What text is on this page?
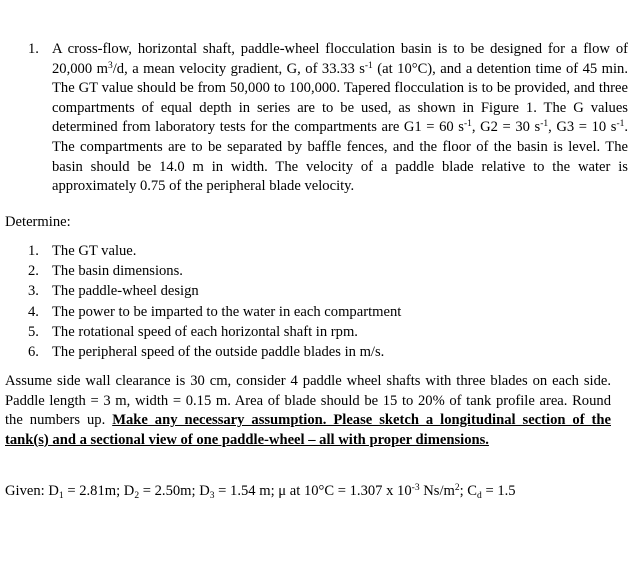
1. A cross-flow, horizontal shaft, paddle-wheel flocculation basin is to be designed for a flow of 20,000 $m^3/d$, a mean velocity gradient, G, of 33.33 $s^{-1}$ (at 10°C), and a detention time of 45 min. The GT value should be from 50,000 to 100,000. Tapered flocculation is to be provided, and three compartments of equal depth in series are to be used, as shown in Figure 1. The G values determined from laboratory tests for the compartments are G1 = 60 $s^{-1}$, G2 = 30 $s^{-1}$, G3 = 10 $s^{-1}$. The compartments are to be separated by baffle fences, and the floor of the basin is level. The basin should be 14.0 m in width. The velocity of a paddle blade relative to the water is approximately 0.75 of the peripheral blade velocity.
Determine:
1. The GT value.
2. The basin dimensions.
3. The paddle-wheel design
4. The power to be imparted to the water in each compartment
5. The rotational speed of each horizontal shaft in rpm.
6. The peripheral speed of the outside paddle blades in m/s.
Assume side wall clearance is 30 cm, consider 4 paddle wheel shafts with three blades on each side. Paddle length = 3 m, width = 0.15 m. Area of blade should be 15 to 20% of tank profile area. Round the numbers up. Make any necessary assumption. Please sketch a longitudinal section of the tank(s) and a sectional view of one paddle-wheel – all with proper dimensions.
Given: $D_1 = 2.81m$; $D_2 = 2.50m$; $D_3 = 1.54$ m; μ at 10°C = 1.307 x $10^{-3}$ $Ns/m^2$; $C_d = 1.5$
